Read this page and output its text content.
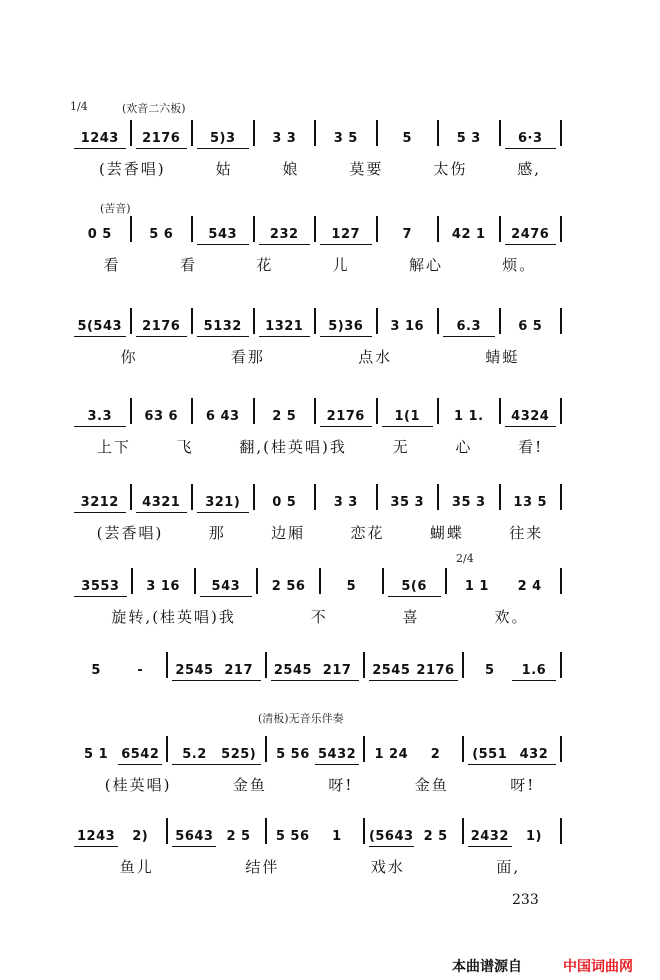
1/4	(欢音二六板)
1243	2176	5)3	3 3	3 5	5	5 3	6·3
(芸香唱)	姑	娘	莫要	太伤	感,
(苦音)
0 5	5 6	543	232	127	7	42 1	2476
看	看	花	儿	解心	烦。
5(543	2176	5132	1321	5)36	3 16	6.3	6 5
你	看那	点水	蜻蜓
3.3	63 6	6 43	2 5	2176	1(1	1 1.	4324
上下	飞	翻,(桂英唱)我	无	心	看!
3212	4321	321)	0 5	3 3	35 3	35 3	13 5
(芸香唱)	那	边厢	恋花	蝴蝶	往来
2/4
3553	3 16	543	2 56	5	5(6	1 1	2 4
旋转,(桂英唱)我	不	喜	欢。
5	-	2545 217	2545 217	2545 2176	5	1.6
(清板)无音乐伴奏
5 1	6542	5.2	525)	5 56 5432	1 24	2	(551 432
(桂英唱)	金鱼	呀!	金鱼	呀!
1243	2)	5643	2 5	5 56	1	(5643 2 5	2432	1)
鱼儿	结伴	戏水	面,
233
本曲谱源自	中国词曲网
